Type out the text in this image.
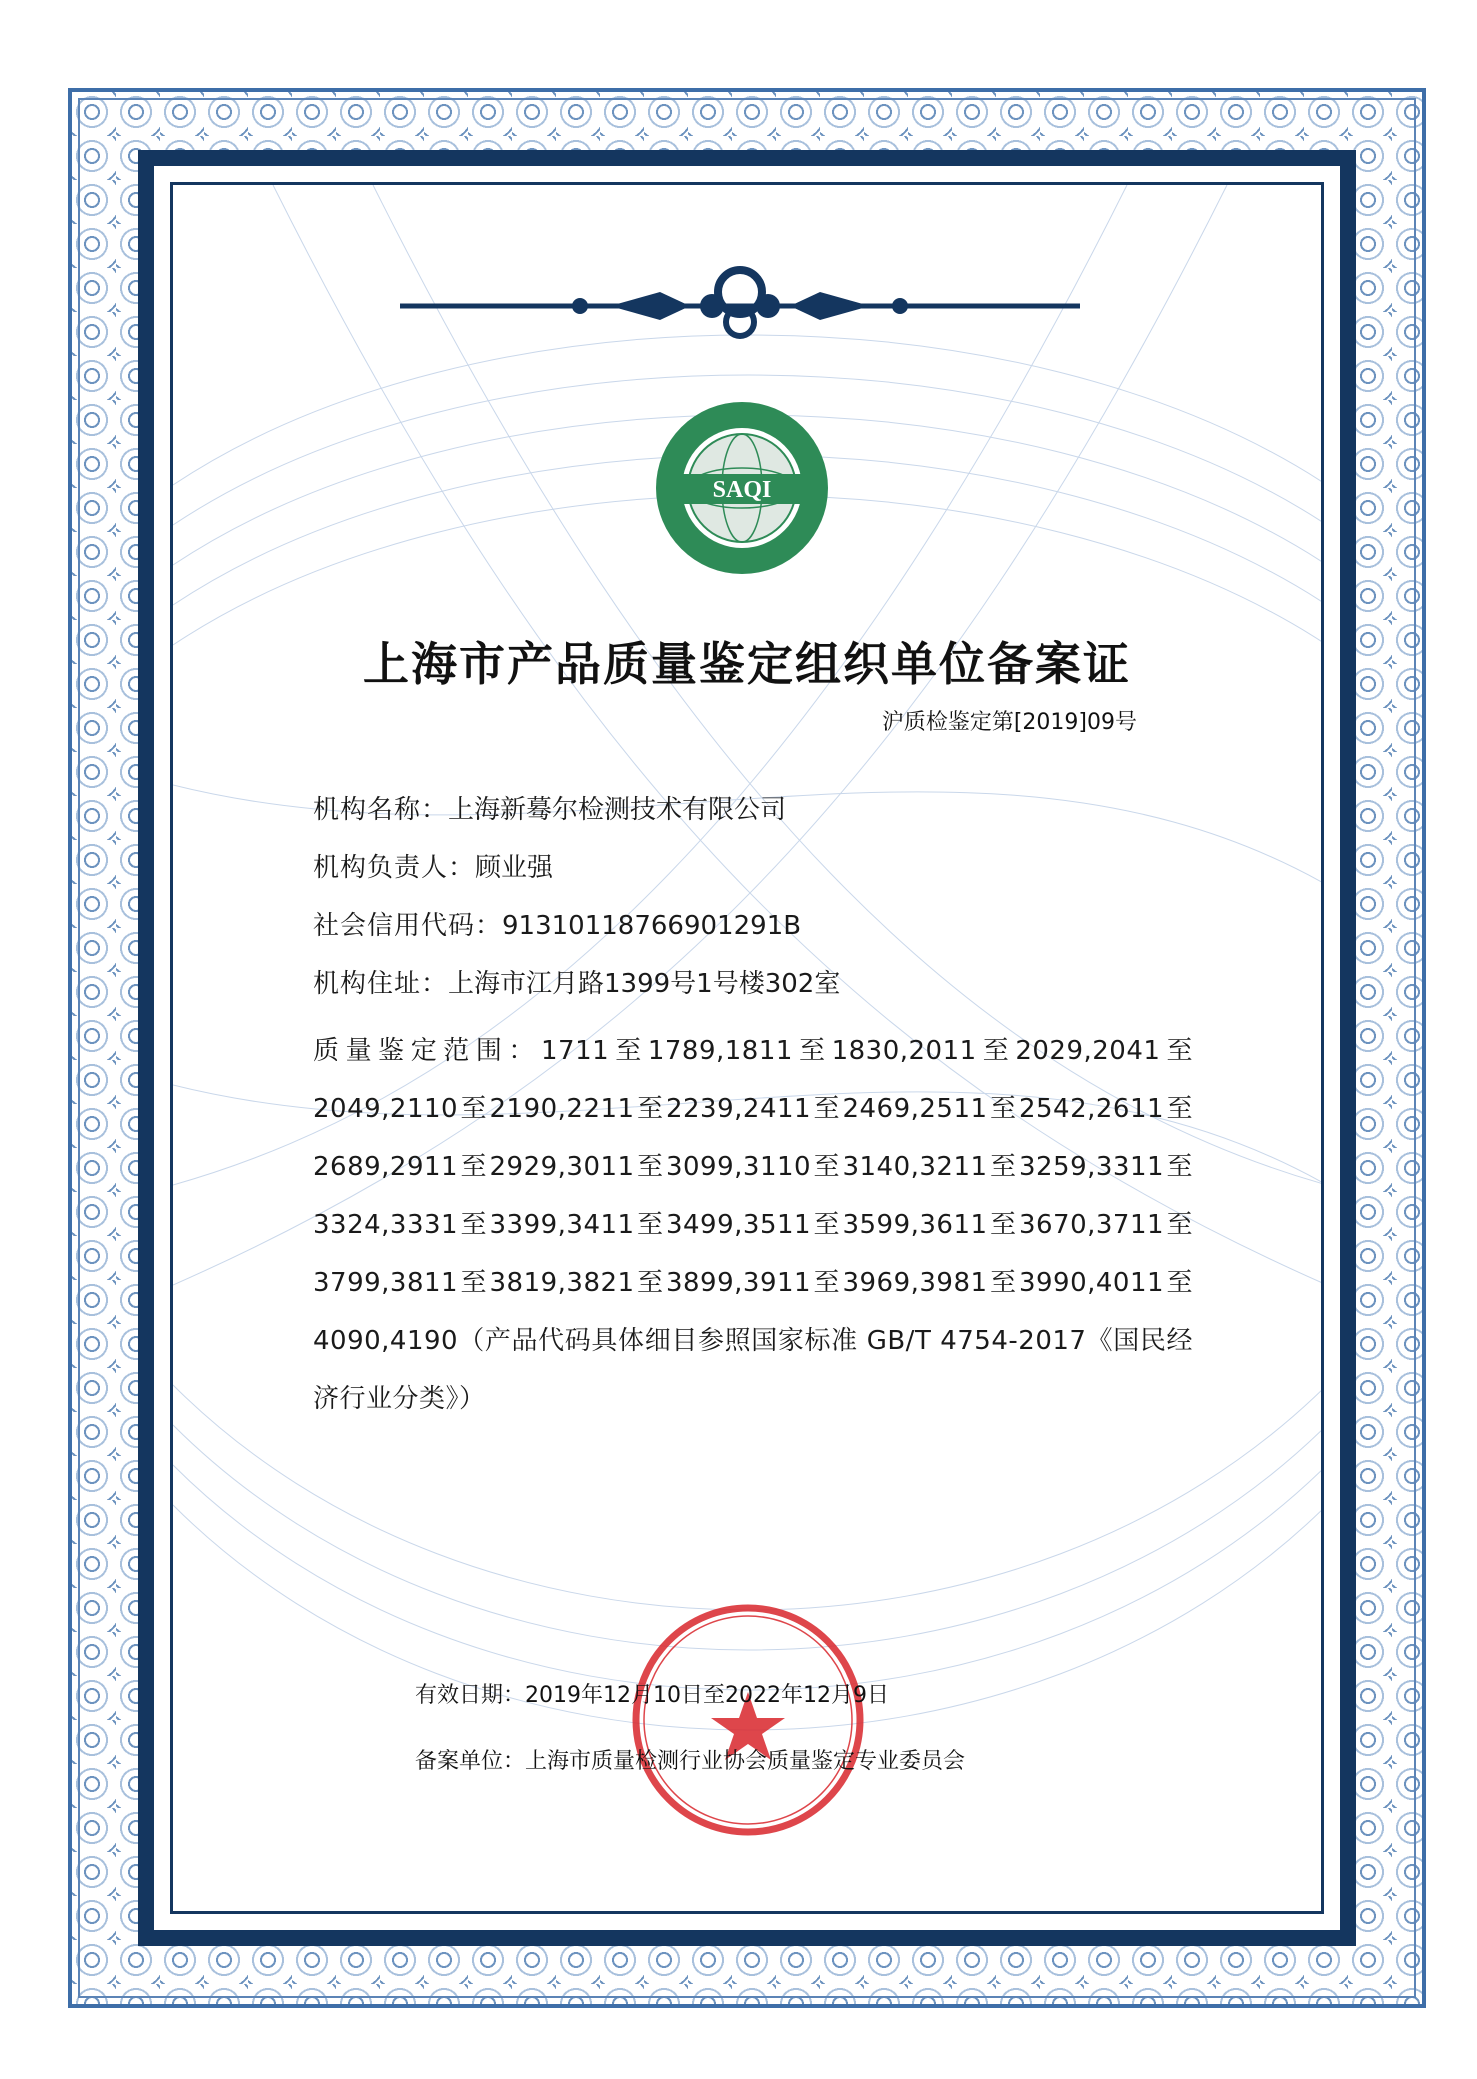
SAQI
上海市产品质量鉴定组织单位备案证
沪质检鉴定第[2019]09号
机构名称：上海新蓦尔检测技术有限公司
机构负责人：顾业强
社会信用代码：91310118766901291B
机构住址：上海市江月路1399号1号楼302室
质量鉴定范围：1711至1789,1811至1830,2011至2029,2041至2049,2110至2190,2211至2239,2411至2469,2511至2542,2611至2689,2911至2929,3011至3099,3110至3140,3211至3259,3311至3324,3331至3399,3411至3499,3511至3599,3611至3670,3711至3799,3811至3819,3821至3899,3911至3969,3981至3990,4011至4090,4190（产品代码具体细目参照国家标准 GB/T 4754-2017《国民经济行业分类》）
有效日期：2019年12月10日至2022年12月9日
备案单位：上海市质量检测行业协会质量鉴定专业委员会
